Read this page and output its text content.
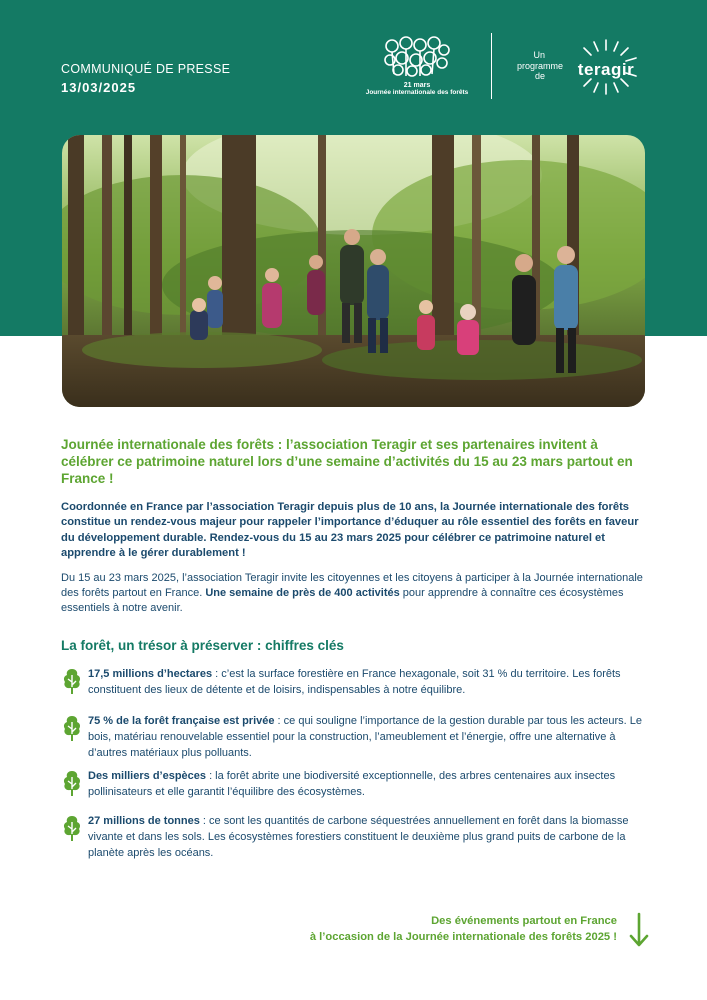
COMMUNIQUÉ DE PRESSE
13/03/2025	21 mars
Journée internationale des forêts
Un
programme
de	teragir
Journée internationale des forêts : l’association Teragir et ses partenaires invitent à célébrer ce patrimoine naturel lors d’une semaine d’activités du 15 au 23 mars partout en France !
Coordonnée en France par l’association Teragir depuis plus de 10 ans, la Journée internationale des forêts constitue un rendez-vous majeur pour rappeler l’importance d’éduquer au rôle essentiel des forêts en faveur du développement durable. Rendez-vous du 15 au 23 mars 2025 pour célébrer ce patrimoine naturel et apprendre à le gérer durablement !
Du 15 au 23 mars 2025, l’association Teragir invite les citoyennes et les citoyens à participer à la Journée internationale des forêts partout en France. Une semaine de près de 400 activités pour apprendre à connaître ces écosystèmes essentiels à notre avenir.
La forêt, un trésor à préserver : chiffres clés
17,5 millions d’hectares : c’est la surface forestière en France hexagonale, soit 31 % du territoire. Les forêts constituent des lieux de détente et de loisirs, indispensables à notre équilibre.
75 % de la forêt française est privée : ce qui souligne l’importance de la gestion durable par tous les acteurs. Le bois, matériau renouvelable essentiel pour la construction, l’ameublement et l’énergie, offre une alternative à d’autres matériaux plus polluants.
Des milliers d’espèces : la forêt abrite une biodiversité exceptionnelle, des arbres centenaires aux insectes pollinisateurs et elle garantit l’équilibre des écosystèmes.
27 millions de tonnes : ce sont les quantités de carbone séquestrées annuellement en forêt dans la biomasse vivante et dans les sols. Les écosystèmes forestiers constituent le deuxième plus grand puits de carbone de la planète après les océans.
Des événements partout en France
à l’occasion de la Journée internationale des forêts 2025 !
